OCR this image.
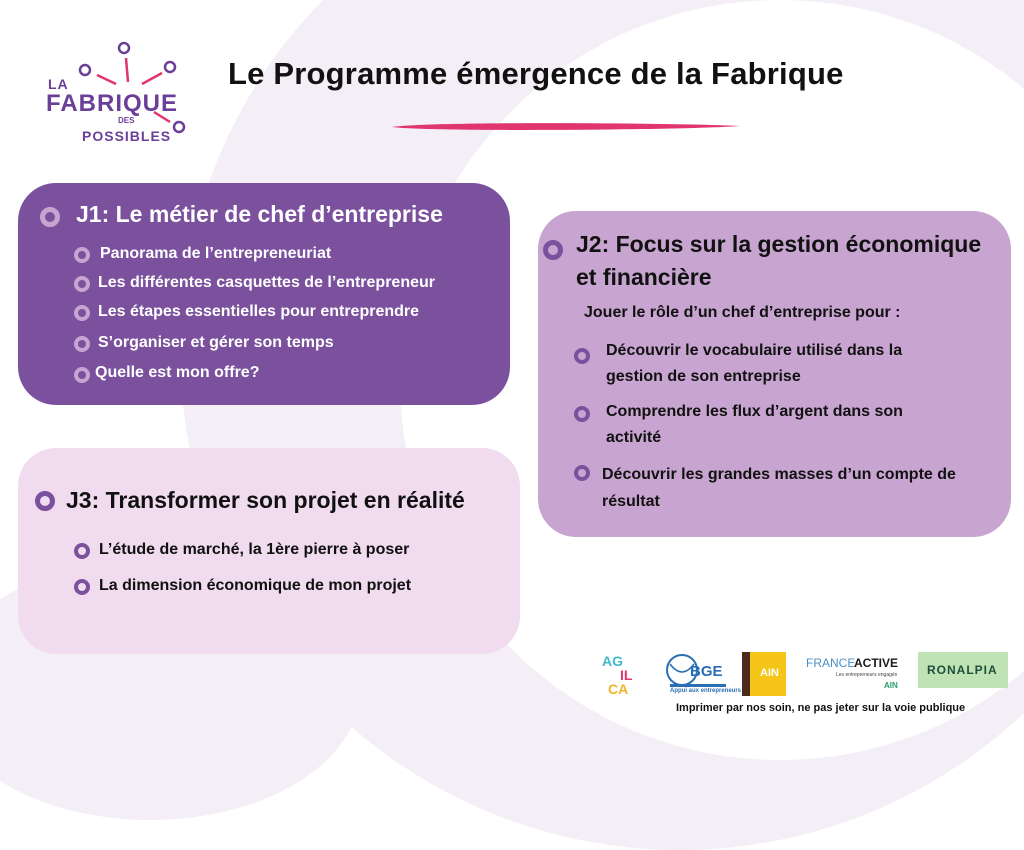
LA
FABRIQUE
DES
POSSIBLES
Le Programme émergence de la Fabrique
J1: Le métier de chef d’entreprise
Panorama de l’entrepreneuriat
Les différentes casquettes de l’entrepreneur
Les étapes essentielles pour entreprendre
S’organiser et gérer son temps
Quelle est mon offre?
J2: Focus sur la gestion économique
et financière
Jouer le rôle d’un chef d’entreprise pour :
Découvrir le vocabulaire utilisé dans la
gestion de son entreprise
Comprendre les flux d’argent dans son
activité
Découvrir les grandes masses d’un compte de
résultat
J3: Transformer son projet en réalité
L’étude de marché, la 1ère pierre à poser
La dimension économique de mon projet
AG
IL
CA
BGE
Appui aux entrepreneurs
AIN
FRANCE
ACTIVE
Les entrepreneurs engagés
AIN
RONALPIA
Imprimer par nos soin, ne pas jeter sur la voie publique
